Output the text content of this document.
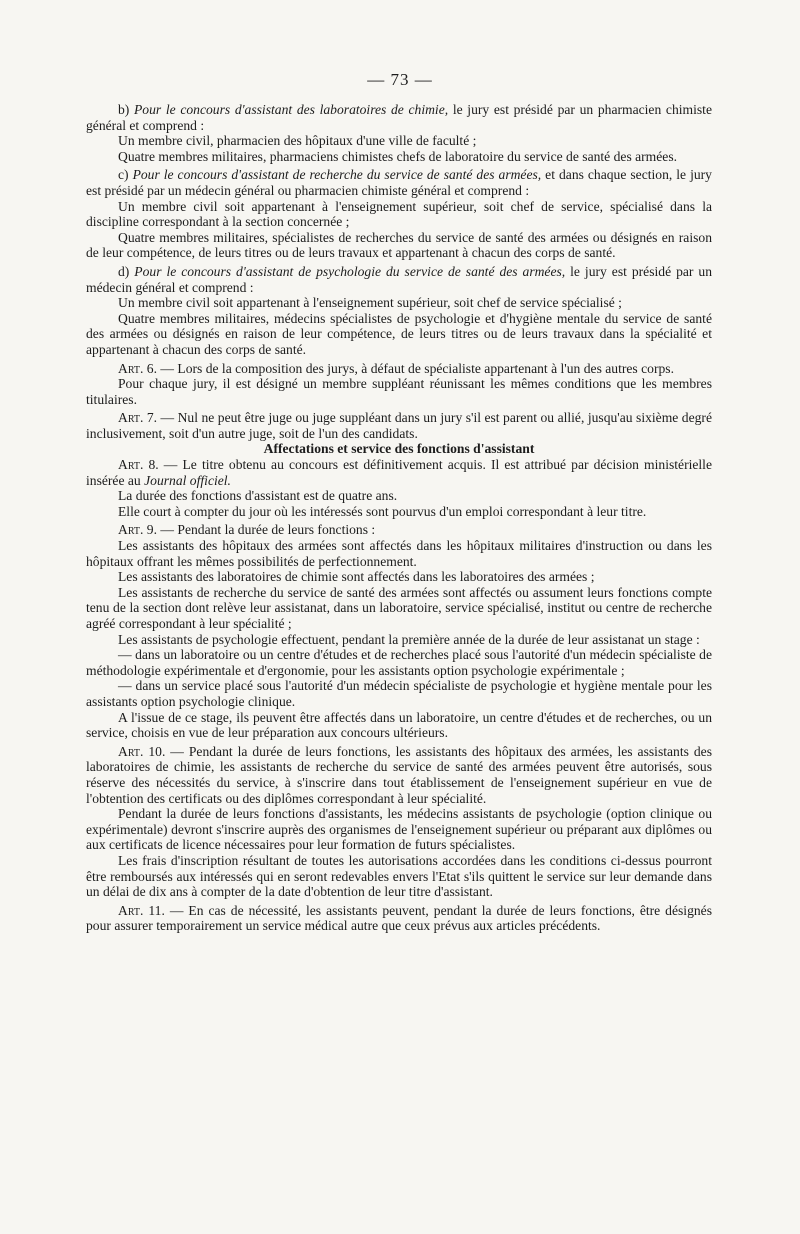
— 73 —

b) Pour le concours d'assistant des laboratoires de chimie, le jury est présidé par un pharmacien chimiste général et comprend :

Un membre civil, pharmacien des hôpitaux d'une ville de faculté ;

Quatre membres militaires, pharmaciens chimistes chefs de laboratoire du service de santé des armées.

c) Pour le concours d'assistant de recherche du service de santé des armées, et dans chaque section, le jury est présidé par un médecin général ou pharmacien chimiste général et comprend :

Un membre civil soit appartenant à l'enseignement supérieur, soit chef de service, spécialisé dans la discipline correspondant à la section concernée ;

Quatre membres militaires, spécialistes de recherches du service de santé des armées ou désignés en raison de leur compétence, de leurs titres ou de leurs travaux et appartenant à chacun des corps de santé.

d) Pour le concours d'assistant de psychologie du service de santé des armées, le jury est présidé par un médecin général et comprend :

Un membre civil soit appartenant à l'enseignement supérieur, soit chef de service spécialisé ;

Quatre membres militaires, médecins spécialistes de psychologie et d'hygiène mentale du service de santé des armées ou désignés en raison de leur compétence, de leurs titres ou de leurs travaux dans la spécialité et appartenant à chacun des corps de santé.

Art. 6. — Lors de la composition des jurys, à défaut de spécialiste appartenant à l'un des autres corps.

Pour chaque jury, il est désigné un membre suppléant réunissant les mêmes conditions que les membres titulaires.

Art. 7. — Nul ne peut être juge ou juge suppléant dans un jury s'il est parent ou allié, jusqu'au sixième degré inclusivement, soit d'un autre juge, soit de l'un des candidats.

Affectations et service des fonctions d'assistant

Art. 8. — Le titre obtenu au concours est définitivement acquis. Il est attribué par décision ministérielle insérée au Journal officiel.

La durée des fonctions d'assistant est de quatre ans.

Elle court à compter du jour où les intéressés sont pourvus d'un emploi correspondant à leur titre.

Art. 9. — Pendant la durée de leurs fonctions :

Les assistants des hôpitaux des armées sont affectés dans les hôpitaux militaires d'instruction ou dans les hôpitaux offrant les mêmes possibilités de perfectionnement.

Les assistants des laboratoires de chimie sont affectés dans les laboratoires des armées ;

Les assistants de recherche du service de santé des armées sont affectés ou assument leurs fonctions compte tenu de la section dont relève leur assistanat, dans un laboratoire, service spécialisé, institut ou centre de recherche agréé correspondant à leur spécialité ;

Les assistants de psychologie effectuent, pendant la première année de la durée de leur assistanat un stage :

— dans un laboratoire ou un centre d'études et de recherches placé sous l'autorité d'un médecin spécialiste de méthodologie expérimentale et d'ergonomie, pour les assistants option psychologie expérimentale ;

— dans un service placé sous l'autorité d'un médecin spécialiste de psychologie et hygiène mentale pour les assistants option psychologie clinique.

A l'issue de ce stage, ils peuvent être affectés dans un laboratoire, un centre d'études et de recherches, ou un service, choisis en vue de leur préparation aux concours ultérieurs.

Art. 10. — Pendant la durée de leurs fonctions, les assistants des hôpitaux des armées, les assistants des laboratoires de chimie, les assistants de recherche du service de santé des armées peuvent être autorisés, sous réserve des nécessités du service, à s'inscrire dans tout établissement de l'enseignement supérieur en vue de l'obtention des certificats ou des diplômes correspondant à leur spécialité.

Pendant la durée de leurs fonctions d'assistants, les médecins assistants de psychologie (option clinique ou expérimentale) devront s'inscrire auprès des organismes de l'enseignement supérieur ou préparant aux diplômes ou aux certificats de licence nécessaires pour leur formation de futurs spécialistes.

Les frais d'inscription résultant de toutes les autorisations accordées dans les conditions ci-dessus pourront être remboursés aux intéressés qui en seront redevables envers l'Etat s'ils quittent le service sur leur demande dans un délai de dix ans à compter de la date d'obtention de leur titre d'assistant.

Art. 11. — En cas de nécessité, les assistants peuvent, pendant la durée de leurs fonctions, être désignés pour assurer temporairement un service médical autre que ceux prévus aux articles précédents.
